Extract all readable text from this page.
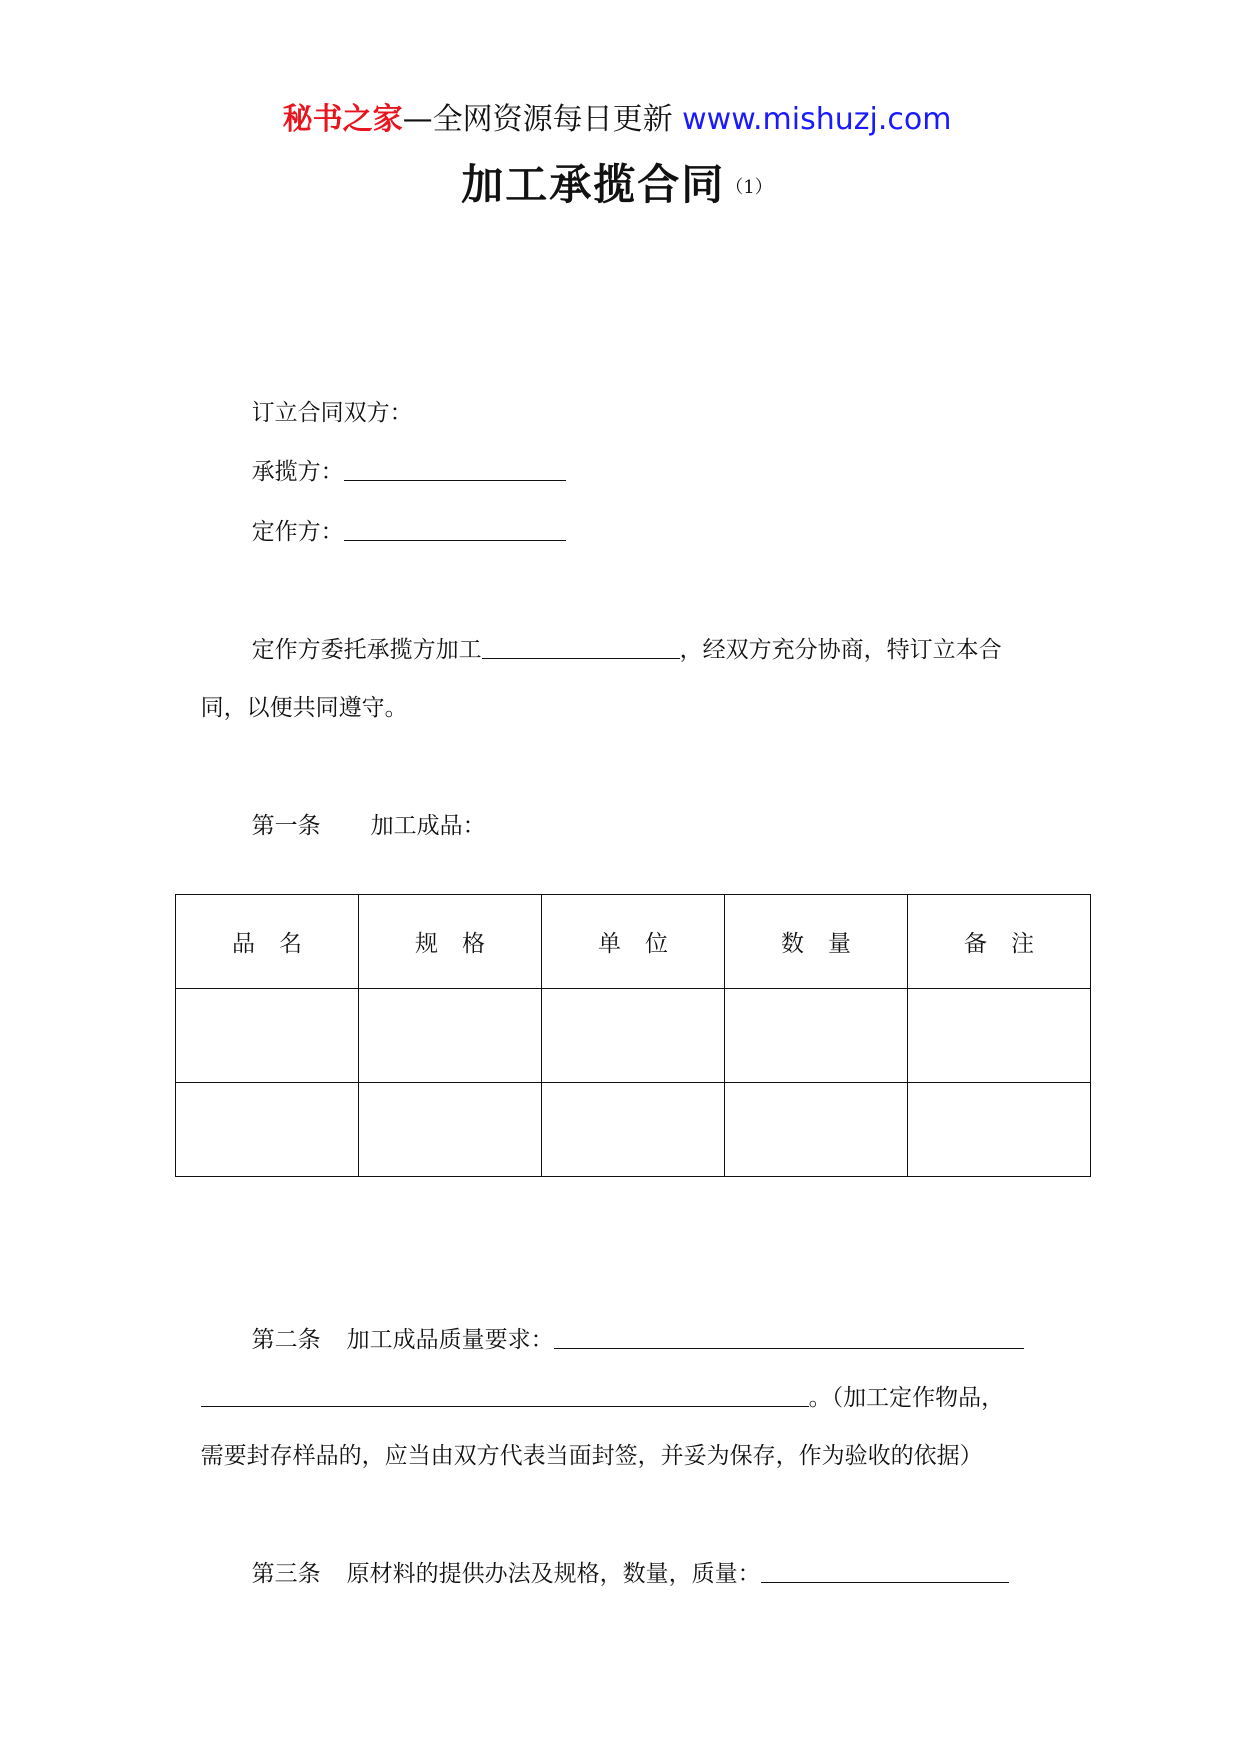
秘书之家—全网资源每日更新 www.mishuzj.com
加工承揽合同（1）

订立合同双方：

承揽方：

定作方：

定作方委托承揽方加工	，经双方充分协商，特订立本合

同，以便共同遵守。

第一条 加工成品：

品名	规格	单位	数量	备注

第二条 加工成品质量要求：

。（加工定作物品，

需要封存样品的，应当由双方代表当面封签，并妥为保存，作为验收的依据）

第三条 原材料的提供办法及规格，数量，质量：
